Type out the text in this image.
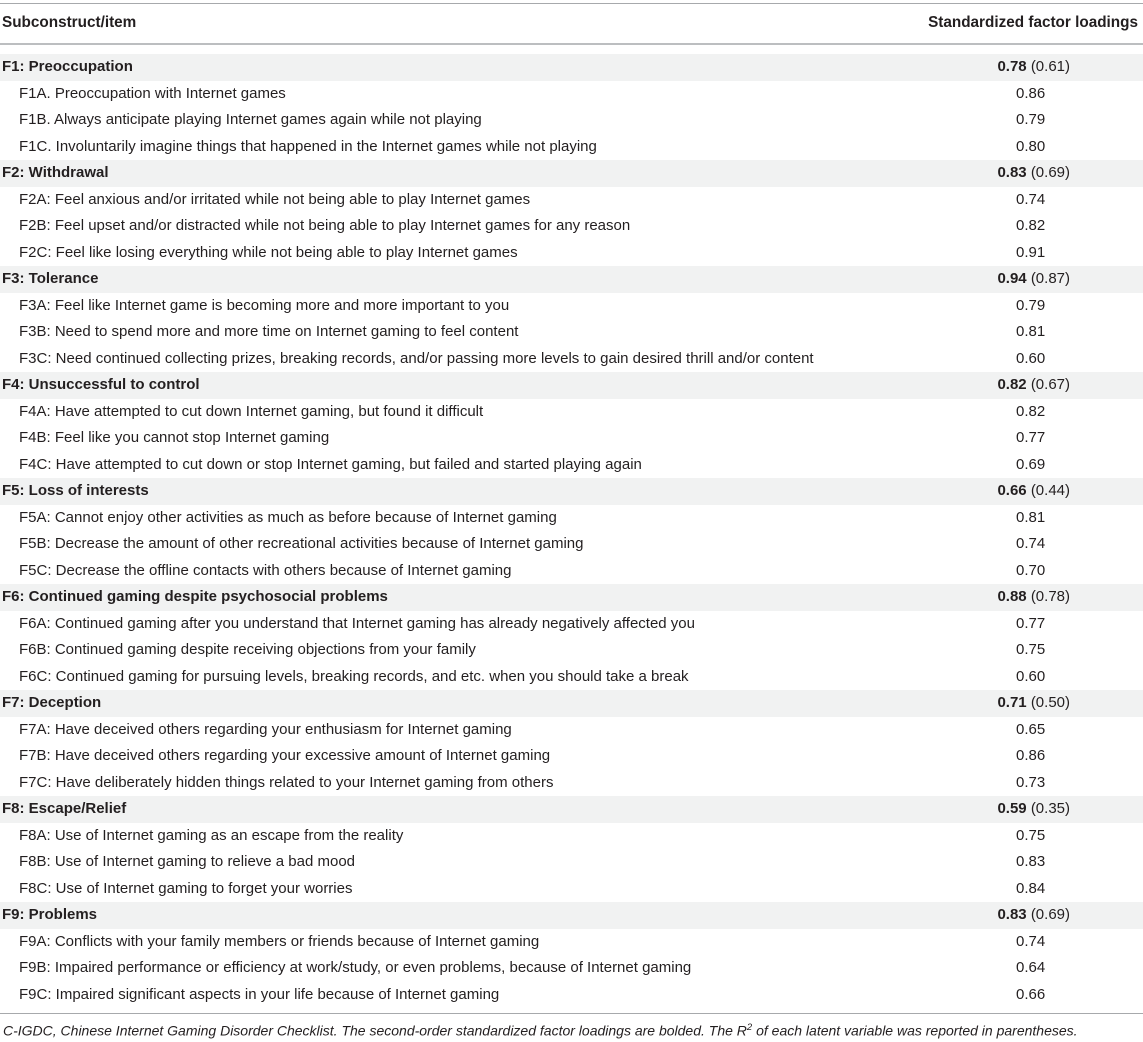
Subconstruct/item	Standardized factor loadings
F1: Preoccupation	0.78 (0.61)
F1A. Preoccupation with Internet games	0.86
F1B. Always anticipate playing Internet games again while not playing	0.79
F1C. Involuntarily imagine things that happened in the Internet games while not playing	0.80
F2: Withdrawal	0.83 (0.69)
F2A: Feel anxious and/or irritated while not being able to play Internet games	0.74
F2B: Feel upset and/or distracted while not being able to play Internet games for any reason	0.82
F2C: Feel like losing everything while not being able to play Internet games	0.91
F3: Tolerance	0.94 (0.87)
F3A: Feel like Internet game is becoming more and more important to you	0.79
F3B: Need to spend more and more time on Internet gaming to feel content	0.81
F3C: Need continued collecting prizes, breaking records, and/or passing more levels to gain desired thrill and/or content	0.60
F4: Unsuccessful to control	0.82 (0.67)
F4A: Have attempted to cut down Internet gaming, but found it difficult	0.82
F4B: Feel like you cannot stop Internet gaming	0.77
F4C: Have attempted to cut down or stop Internet gaming, but failed and started playing again	0.69
F5: Loss of interests	0.66 (0.44)
F5A: Cannot enjoy other activities as much as before because of Internet gaming	0.81
F5B: Decrease the amount of other recreational activities because of Internet gaming	0.74
F5C: Decrease the offline contacts with others because of Internet gaming	0.70
F6: Continued gaming despite psychosocial problems	0.88 (0.78)
F6A: Continued gaming after you understand that Internet gaming has already negatively affected you	0.77
F6B: Continued gaming despite receiving objections from your family	0.75
F6C: Continued gaming for pursuing levels, breaking records, and etc. when you should take a break	0.60
F7: Deception	0.71 (0.50)
F7A: Have deceived others regarding your enthusiasm for Internet gaming	0.65
F7B: Have deceived others regarding your excessive amount of Internet gaming	0.86
F7C: Have deliberately hidden things related to your Internet gaming from others	0.73
F8: Escape/Relief	0.59 (0.35)
F8A: Use of Internet gaming as an escape from the reality	0.75
F8B: Use of Internet gaming to relieve a bad mood	0.83
F8C: Use of Internet gaming to forget your worries	0.84
F9: Problems	0.83 (0.69)
F9A: Conflicts with your family members or friends because of Internet gaming	0.74
F9B: Impaired performance or efficiency at work/study, or even problems, because of Internet gaming	0.64
F9C: Impaired significant aspects in your life because of Internet gaming	0.66
C-IGDC, Chinese Internet Gaming Disorder Checklist. The second-order standardized factor loadings are bolded. The $R^2$ of each latent variable was reported in parentheses.
